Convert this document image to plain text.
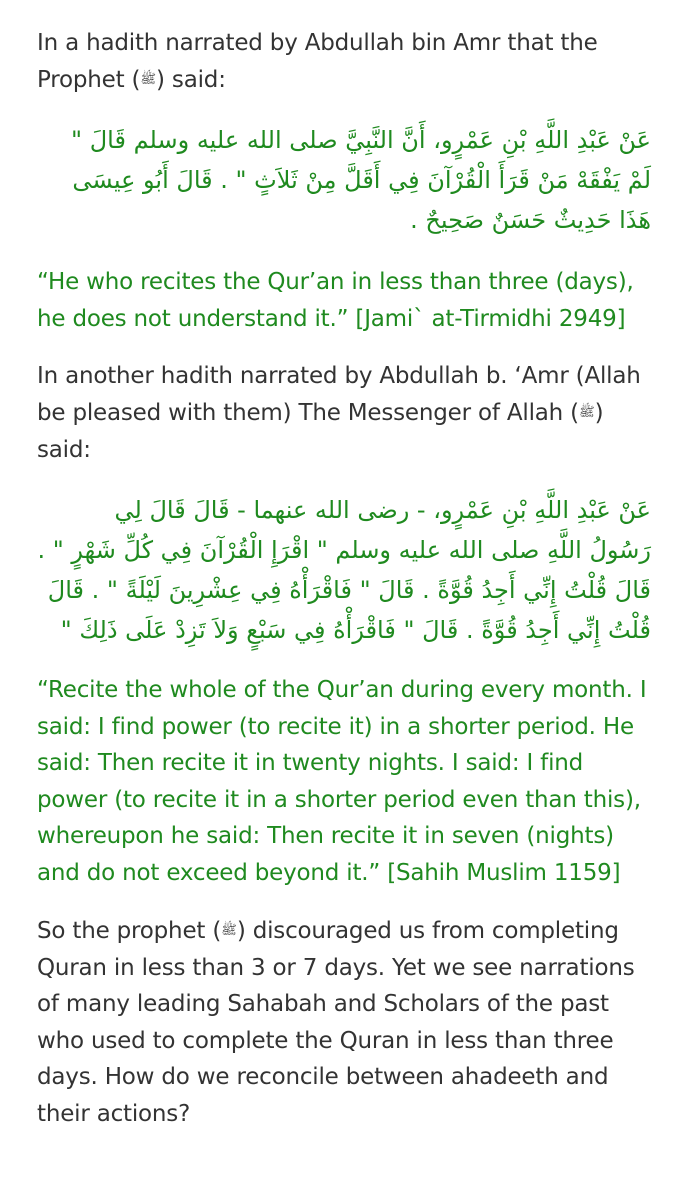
In a hadith narrated by Abdullah bin Amr that the
Prophet (ﷺ) said:

عَنْ عَبْدِ اللَّهِ بْنِ عَمْرٍو، أَنَّ النَّبِيَّ صلى الله عليه وسلم قَالَ "
لَمْ يَفْقَهْ مَنْ قَرَأَ الْقُرْآنَ فِي أَقَلَّ مِنْ ثَلاَثٍ " . قَالَ أَبُو عِيسَى
هَذَا حَدِيثٌ حَسَنٌ صَحِيحٌ .

“He who recites the Qur’an in less than three (days),
he does not understand it.” [Jami` at-Tirmidhi 2949]

In another hadith narrated by Abdullah b. ‘Amr (Allah
be pleased with them) The Messenger of Allah (ﷺ)
said:

عَنْ عَبْدِ اللَّهِ بْنِ عَمْرٍو، - رضى الله عنهما - قَالَ قَالَ لِي
رَسُولُ اللَّهِ صلى الله عليه وسلم " اقْرَإِ الْقُرْآنَ فِي كُلِّ شَهْرٍ " .
قَالَ قُلْتُ إِنِّي أَجِدُ قُوَّةً . قَالَ " فَاقْرَأْهُ فِي عِشْرِينَ لَيْلَةً " . قَالَ
قُلْتُ إِنِّي أَجِدُ قُوَّةً . قَالَ " فَاقْرَأْهُ فِي سَبْعٍ وَلاَ تَزِدْ عَلَى ذَلِكَ "

“Recite the whole of the Qur’an during every month. I
said: I find power (to recite it) in a shorter period. He
said: Then recite it in twenty nights. I said: I find
power (to recite it in a shorter period even than this),
whereupon he said: Then recite it in seven (nights)
and do not exceed beyond it.” [Sahih Muslim 1159]

So the prophet (ﷺ) discouraged us from completing
Quran in less than 3 or 7 days. Yet we see narrations
of many leading Sahabah and Scholars of the past
who used to complete the Quran in less than three
days. How do we reconcile between ahadeeth and
their actions?
